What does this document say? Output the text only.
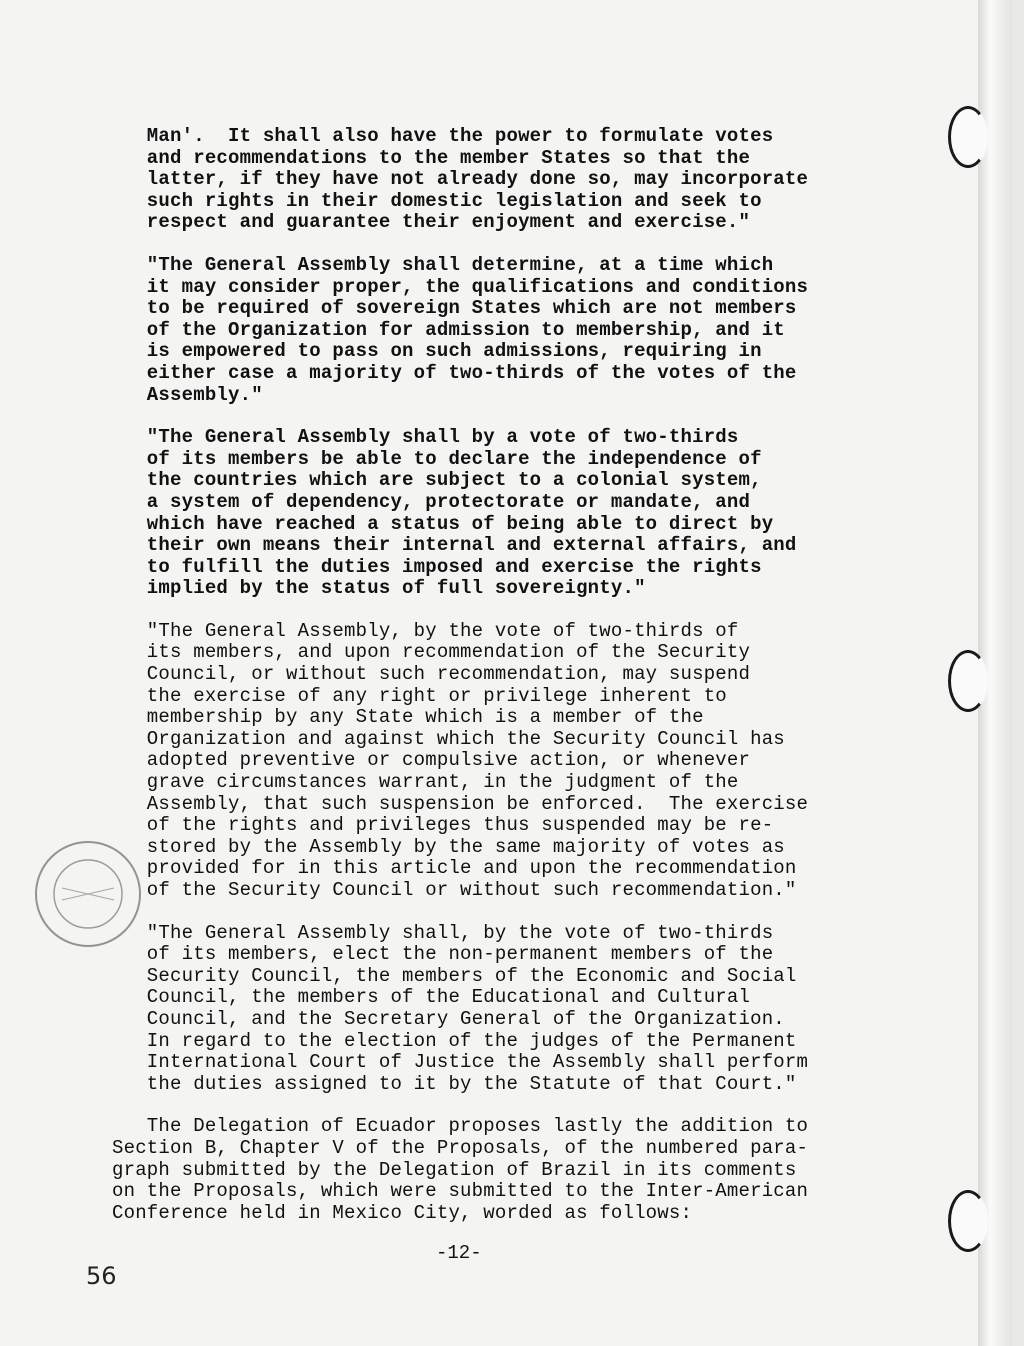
Man'.  It shall also have the power to formulate votes
and recommendations to the member States so that the
latter, if they have not already done so, may incorporate
such rights in their domestic legislation and seek to
respect and guarantee their enjoyment and exercise."
"The General Assembly shall determine, at a time which
it may consider proper, the qualifications and conditions
to be required of sovereign States which are not members
of the Organization for admission to membership, and it
is empowered to pass on such admissions, requiring in
either case a majority of two-thirds of the votes of the
Assembly."
"The General Assembly shall by a vote of two-thirds
of its members be able to declare the independence of
the countries which are subject to a colonial system,
a system of dependency, protectorate or mandate, and
which have reached a status of being able to direct by
their own means their internal and external affairs, and
to fulfill the duties imposed and exercise the rights
implied by the status of full sovereignty."
"The General Assembly, by the vote of two-thirds of
its members, and upon recommendation of the Security
Council, or without such recommendation, may suspend
the exercise of any right or privilege inherent to
membership by any State which is a member of the
Organization and against which the Security Council has
adopted preventive or compulsive action, or whenever
grave circumstances warrant, in the judgment of the
Assembly, that such suspension be enforced.  The exercise
of the rights and privileges thus suspended may be re-
stored by the Assembly by the same majority of votes as
provided for in this article and upon the recommendation
of the Security Council or without such recommendation."
"The General Assembly shall, by the vote of two-thirds
of its members, elect the non-permanent members of the
Security Council, the members of the Economic and Social
Council, the members of the Educational and Cultural
Council, and the Secretary General of the Organization.
In regard to the election of the judges of the Permanent
International Court of Justice the Assembly shall perform
the duties assigned to it by the Statute of that Court."
The Delegation of Ecuador proposes lastly the addition to
Section B, Chapter V of the Proposals, of the numbered para-
graph submitted by the Delegation of Brazil in its comments
on the Proposals, which were submitted to the Inter-American
Conference held in Mexico City, worded as follows:
-12-
56
